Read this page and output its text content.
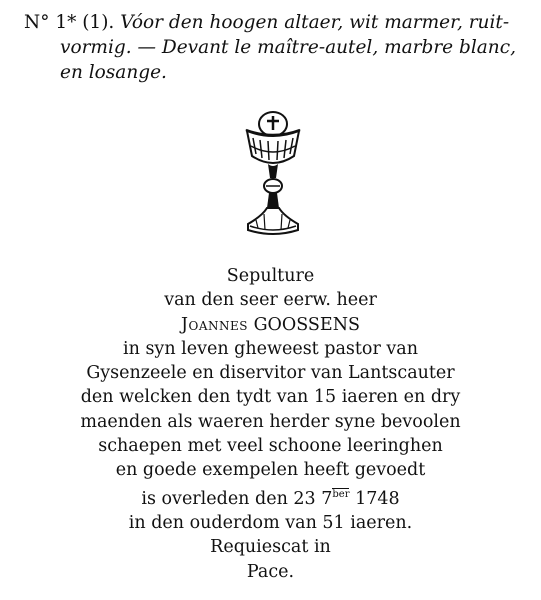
N° 1* (1). Vóor den hoogen altaer, wit marmer, ruit-
vormig. — Devant le maître-autel, marbre blanc,
en losange.
Sepulture
van den seer eerw. heer
Joannes GOOSSENS
in syn leven gheweest pastor van
Gysenzeele en diservitor van Lantscauter
den welcken den tydt van 15 iaeren en dry
maenden als waeren herder syne bevoolen
schaepen met veel schoone leeringhen
en goede exempelen heeft gevoedt
is overleden den 23 $7^{ber}$ 1748
in den ouderdom van 51 iaeren.
Requiescat in
Pace.
